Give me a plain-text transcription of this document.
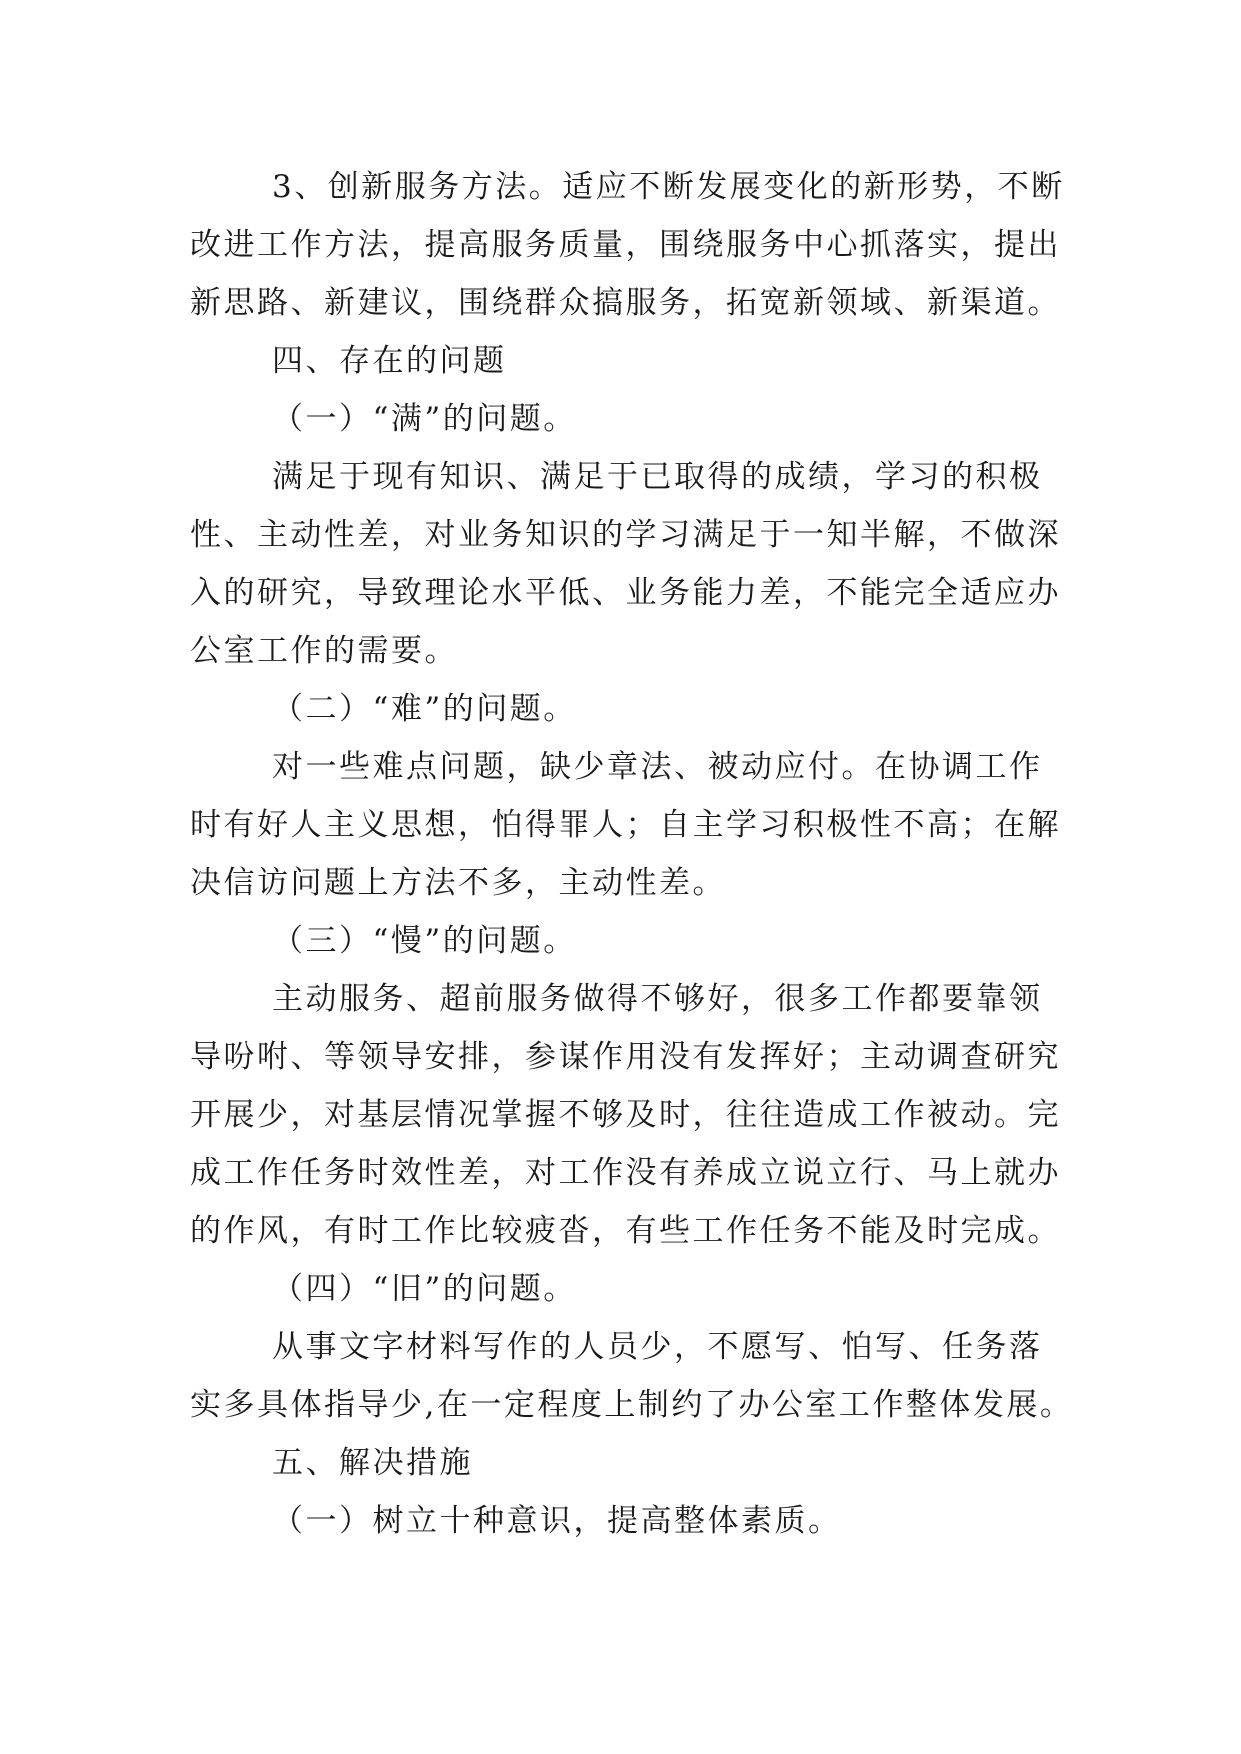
3、创新服务方法。适应不断发展变化的新形势，不断

改进工作方法，提高服务质量，围绕服务中心抓落实，提出

新思路、新建议，围绕群众搞服务，拓宽新领域、新渠道。

四、存在的问题

（一）“满”的问题。

满足于现有知识、满足于已取得的成绩，学习的积极

性、主动性差，对业务知识的学习满足于一知半解，不做深

入的研究，导致理论水平低、业务能力差，不能完全适应办

公室工作的需要。

（二）“难”的问题。

对一些难点问题，缺少章法、被动应付。在协调工作

时有好人主义思想，怕得罪人；自主学习积极性不高；在解

决信访问题上方法不多，主动性差。

（三）“慢”的问题。

主动服务、超前服务做得不够好，很多工作都要靠领

导吩咐、等领导安排，参谋作用没有发挥好；主动调查研究

开展少，对基层情况掌握不够及时，往往造成工作被动。完

成工作任务时效性差，对工作没有养成立说立行、马上就办

的作风，有时工作比较疲沓，有些工作任务不能及时完成。

（四）“旧”的问题。

从事文字材料写作的人员少，不愿写、怕写、任务落

实多具体指导少,在一定程度上制约了办公室工作整体发展。

五、解决措施

（一）树立十种意识，提高整体素质。
